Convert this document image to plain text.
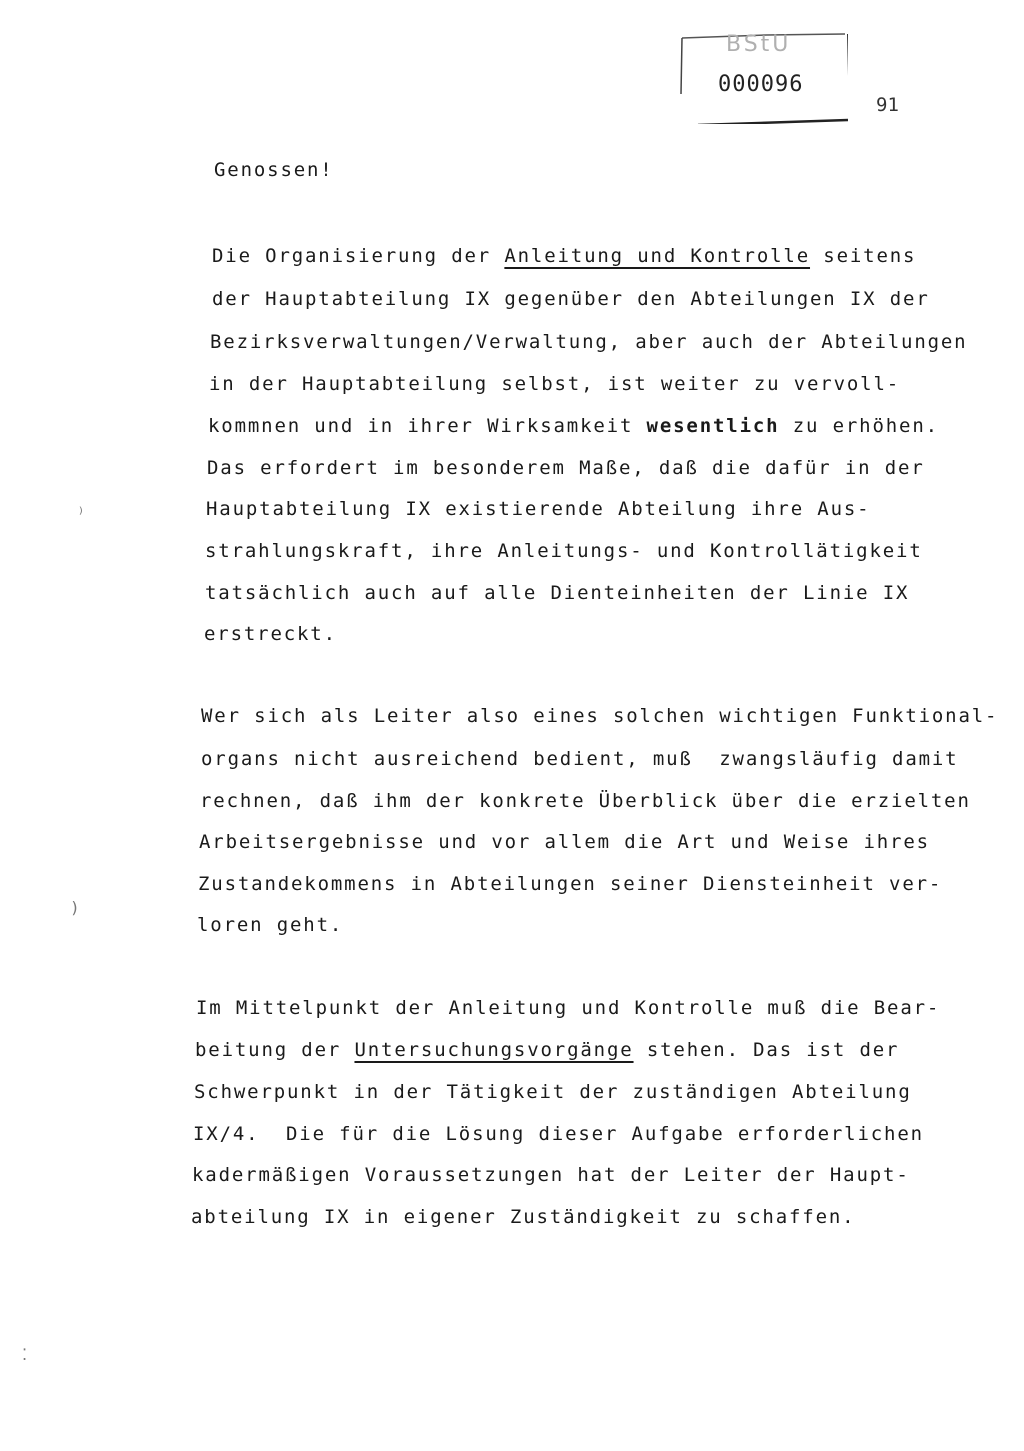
BStU
000096
91
Genossen!
Die Organisierung der Anleitung und Kontrolle seitens
der Hauptabteilung IX gegenüber den Abteilungen IX der
Bezirksverwaltungen/Verwaltung, aber auch der Abteilungen
in der Hauptabteilung selbst, ist weiter zu vervoll-
kommnen und in ihrer Wirksamkeit wesentlich zu erhöhen.
Das erfordert im besonderem Maße, daß die dafür in der
Hauptabteilung IX existierende Abteilung ihre Aus-
strahlungskraft, ihre Anleitungs- und Kontrollätigkeit
tatsächlich auch auf alle Dienteinheiten der Linie IX
erstreckt.
Wer sich als Leiter also eines solchen wichtigen Funktional-
organs nicht ausreichend bedient, muß  zwangsläufig damit
rechnen, daß ihm der konkrete Überblick über die erzielten
Arbeitsergebnisse und vor allem die Art und Weise ihres
Zustandekommens in Abteilungen seiner Diensteinheit ver-
loren geht.
Im Mittelpunkt der Anleitung und Kontrolle muß die Bear-
beitung der Untersuchungsvorgänge stehen. Das ist der
Schwerpunkt in der Tätigkeit der zuständigen Abteilung
IX/4.  Die für die Lösung dieser Aufgabe erforderlichen
kadermäßigen Voraussetzungen hat der Leiter der Haupt-
abteilung IX in eigener Zuständigkeit zu schaffen.
⁾
)
⁚
